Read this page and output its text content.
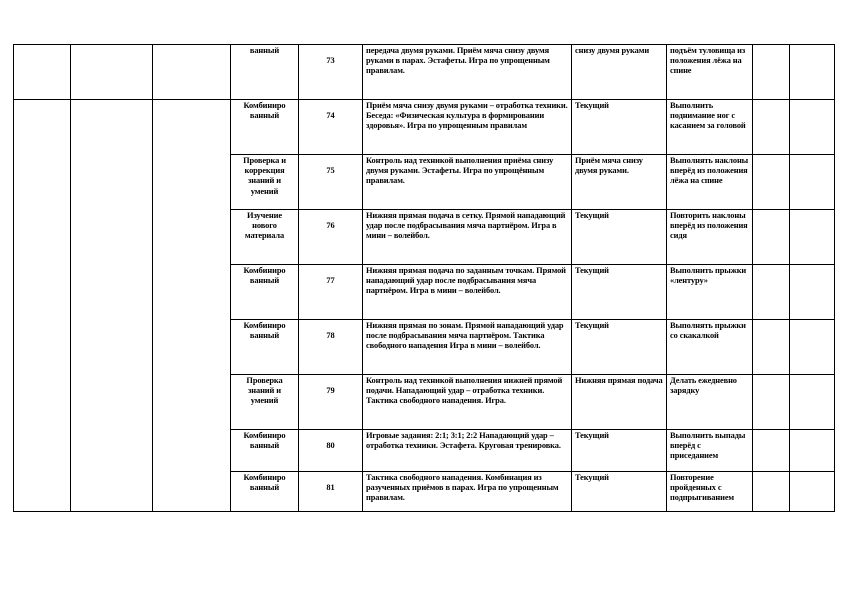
			ванный	73	передача двумя руками. Приём мяча снизу двумя руками в парах. Эстафеты. Игра по упрощенным правилам.	снизу двумя руками	подъём туловища из положения лёжа на спине		
			Комбиниро ванный	74	Приём мяча снизу двумя руками – отработка техники. Беседа: «Физическая культура в формировании здоровья». Игра по упрощенным правилам	Текущий	Выполнить поднимание ног с касанием за головой		
			Проверка и коррекция знаний и умений	75	Контроль над техникой выполнения приёма снизу двумя руками. Эстафеты. Игра по упрощённым правилам.	Приём мяча снизу двумя руками.	Выполнять наклоны вперёд из положения лёжа на спине		
			Изучение нового материала	76	Нижняя прямая подача в сетку. Прямой нападающий удар после подбрасывания мяча партнёром. Игра в мини – волейбол.	Текущий	Повторить наклоны вперёд из положения сидя		
			Комбиниро ванный	77	Нижняя прямая подача по заданным точкам. Прямой нападающий удар после подбрасывания мяча партнёром. Игра в мини – волейбол.	Текущий	Выполнить прыжки «лентуру»		
			Комбиниро ванный	78	Нижняя прямая по зонам. Прямой нападающий удар после подбрасывания мяча партнёром. Тактика свободного нападения Игра в мини – волейбол.	Текущий	Выполнять прыжки со скакалкой		
			Проверка знаний и умений	79	Контроль над техникой выполнения нижней прямой подачи. Нападающий удар – отработка техники. Тактика свободного нападения. Игра.	Нижняя прямая подача	Делать ежедневно зарядку		
			Комбиниро ванный	80	Игровые задания: 2:1; 3:1; 2:2 Нападающий удар – отработка техники. Эстафета. Круговая тренировка.	Текущий	Выполнить выпады вперёд с приседанием		
			Комбиниро ванный	81	Тактика свободного нападения. Комбинация из разученных приёмов в парах. Игра по упрощенным правилам.	Текущий	Повторение пройденных с подпрыгиванием		
